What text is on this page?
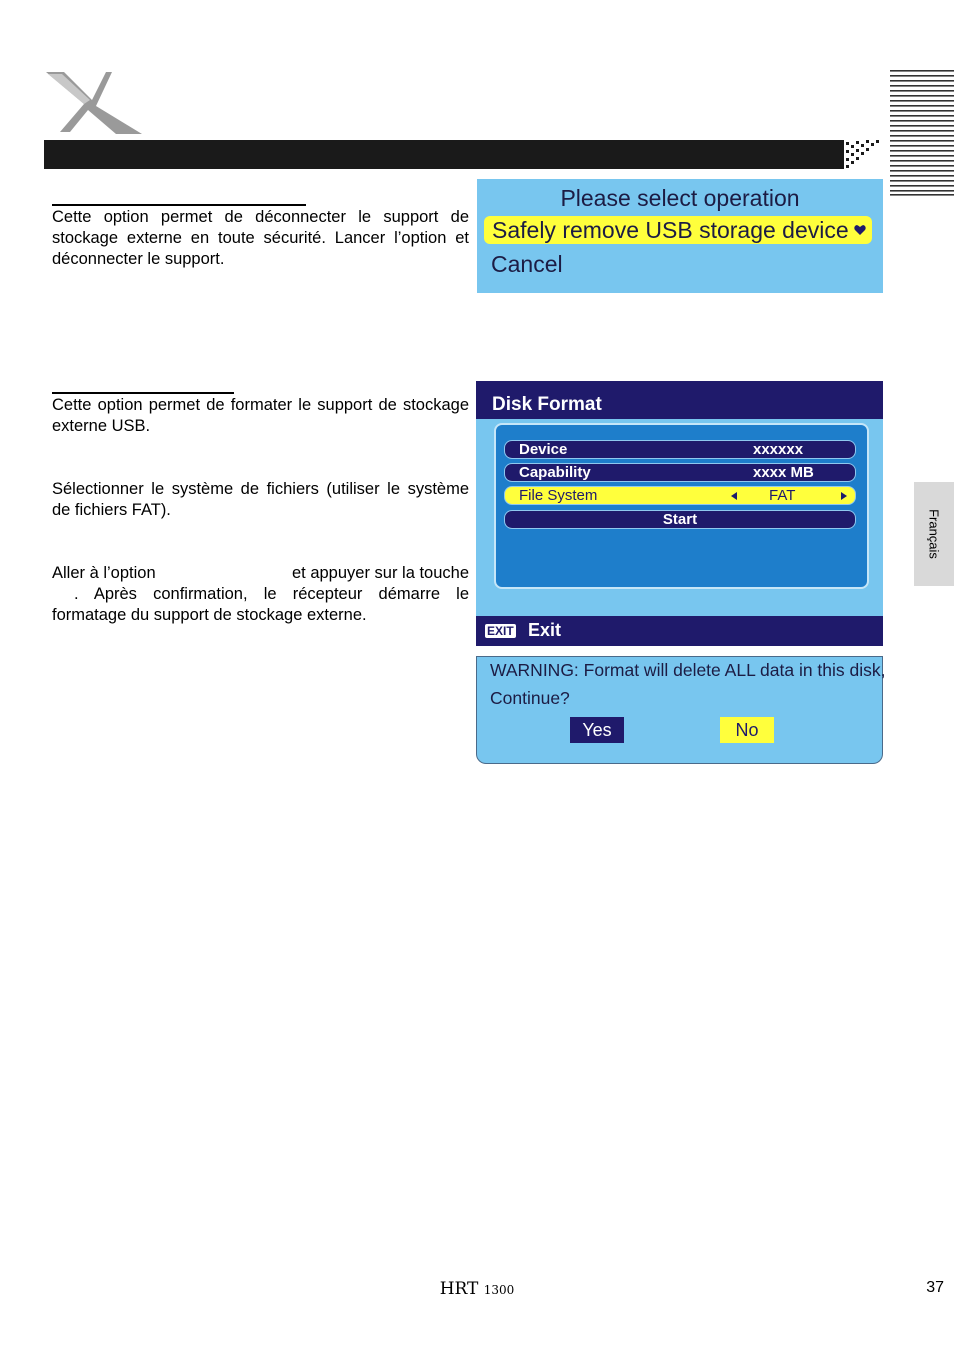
Français

Cette option permet de déconnecter le support de stockage externe en toute sécurité. Lancer l’option et déconnecter le support.

Please select operation
Safely remove USB storage device
Cancel

Cette option permet de formater le support de stockage externe USB.

Sélectionner le système de fichiers (utiliser le système de fichiers FAT).

Aller à l’option	et appuyer sur la touche

. Après confirmation, le récepteur démarre le formatage du support de stockage externe.

Disk Format
Device	xxxxxx
Capability	xxxx MB
File System	FAT
Start
EXIT Exit
WARNING: Format will delete ALL data in this disk,
Continue?
Yes	No
HRT 1300	37
